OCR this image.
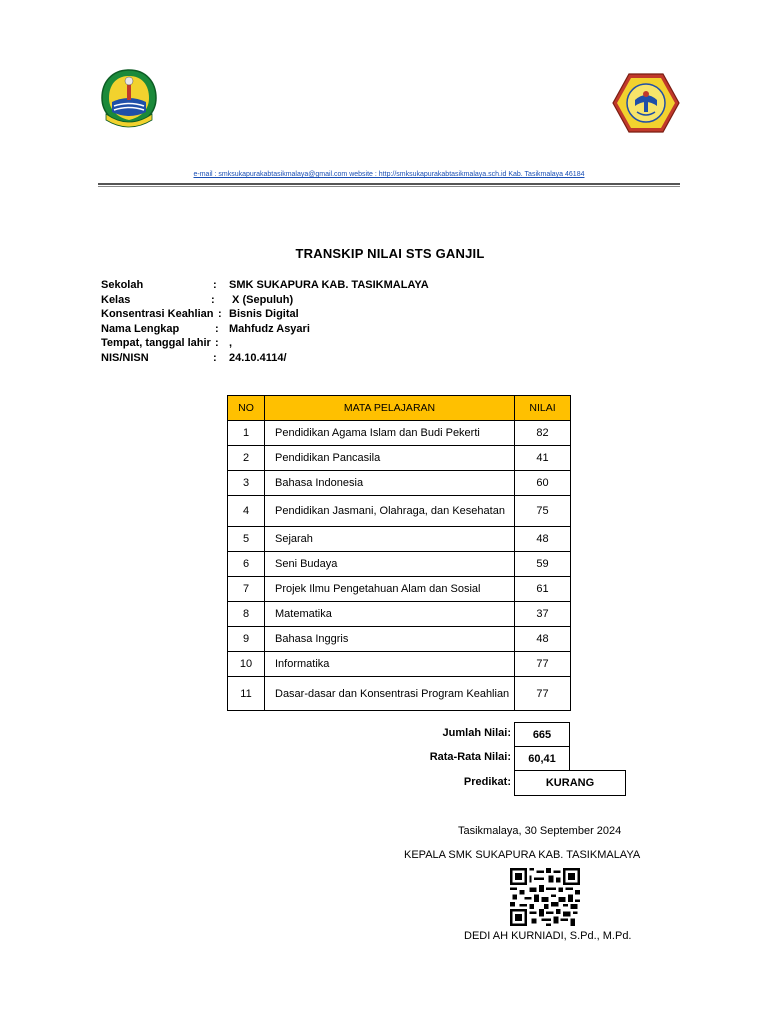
e-mail : smksukapurakabtasikmalaya@gmail.com website : http://smksukapurakabtasikmalaya.sch.id Kab. Tasikmalaya 46184
TRANSKIP NILAI STS GANJIL
Sekolah	: SMK SUKAPURA KAB. TASIKMALAYA
Kelas	: X (Sepuluh)
Konsentrasi Keahlian : Bisnis Digital
Nama Lengkap	: Mahfudz Asyari
Tempat, tanggal lahir : ,
NIS/NISN	: 24.10.4114/
NO	MATA PELAJARAN	NILAI
1	Pendidikan Agama Islam dan Budi Pekerti	82
2	Pendidikan Pancasila	41
3	Bahasa Indonesia	60
4	Pendidikan Jasmani, Olahraga, dan Kesehatan	75
5	Sejarah	48
6	Seni Budaya	59
7	Projek Ilmu Pengetahuan Alam dan Sosial	61
8	Matematika	37
9	Bahasa Inggris	48
10	Informatika	77
11	Dasar-dasar dan Konsentrasi Program Keahlian	77
Jumlah Nilai:	665
Rata-Rata Nilai:	60,41
Predikat:	KURANG
Tasikmalaya, 30 September 2024
KEPALA SMK SUKAPURA KAB. TASIKMALAYA
DEDI AH KURNIADI, S.Pd., M.Pd.
